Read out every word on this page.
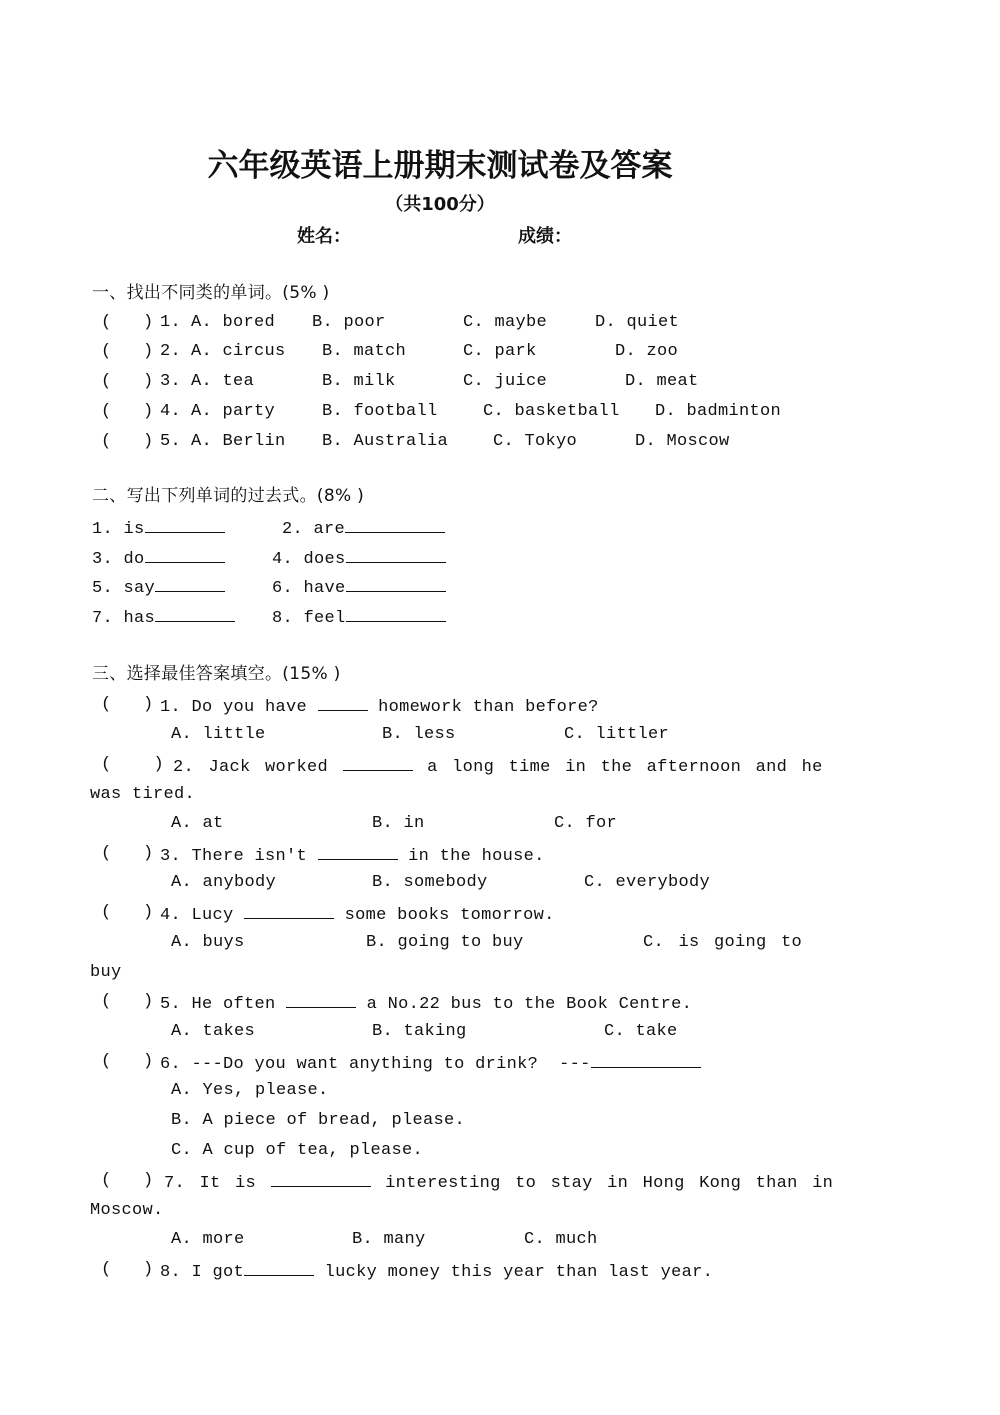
六年级英语上册期末测试卷及答案
（共100分）
姓名：	成绩：
一、找出不同类的单词。(5% )
(   ) 1. A. bored B. poor	C. maybe	D. quiet
(   ) 2. A. circus B. match	C. park	D. zoo
(   ) 3. A. tea	B. milk	C. juice	D. meat
(   ) 4. A. party	B. football	C. basketball D. badminton
(   ) 5. A. Berlin B. Australia	C. Tokyo	D. Moscow
二、写出下列单词的过去式。(8% )
1. is	2. are
3. do	4. does
5. say	6. have
7. has	8. feel
三、选择最佳答案填空。(15% )
(   ) 1. Do you have	homework than before?
A. little	B. less	C. littler
(    ) 2. Jack worked	a long time in the afternoon and he
was tired.
A. at	B. in	C. for
(   ) 3. There isn't	in the house.
A. anybody	B. somebody	C. everybody
(   ) 4. Lucy	some books tomorrow.
A. buys	B. going to buy	C. is going to
buy
(   ) 5. He often	a No.22 bus to the Book Centre.
A. takes	B. taking	C. take
(   ) 6. ---Do you want anything to drink?  ---
A. Yes, please.
B. A piece of bread, please.
C. A cup of tea, please.
(   ) 7. It is	interesting to stay in Hong Kong than in
Moscow.
A. more	B. many	C. much
(   ) 8. I got	lucky money this year than last year.
